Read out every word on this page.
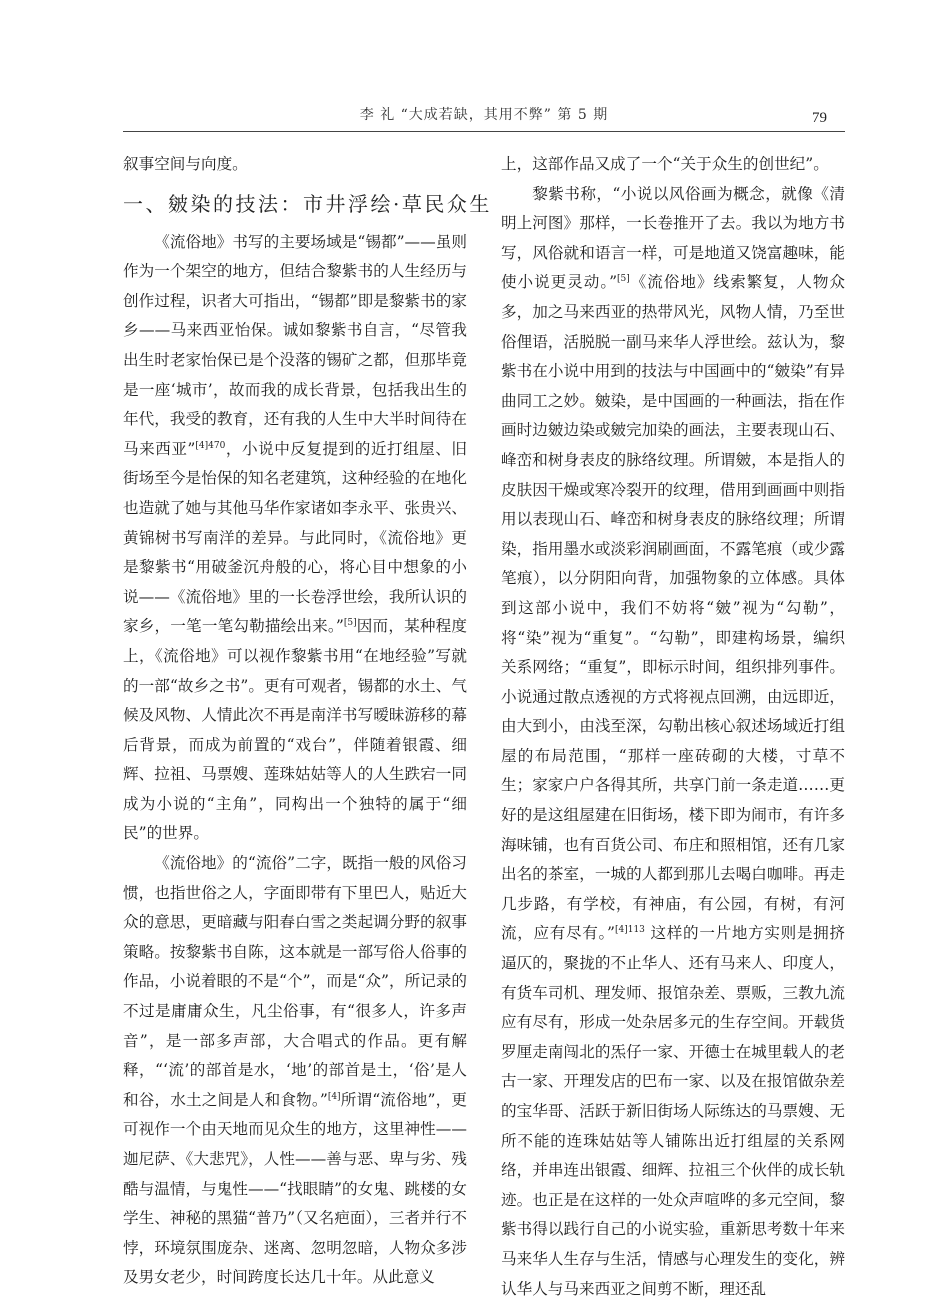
李 礼 “大成若缺，其用不弊” 第 5 期	79

叙事空间与向度。

一、皴染的技法：市井浮绘·草民众生

《流俗地》书写的主要场域是“锡都”——虽则作为一个架空的地方，但结合黎紫书的人生经历与创作过程，识者大可指出，“锡都”即是黎紫书的家乡——马来西亚怡保。诚如黎紫书自言，“尽管我出生时老家怡保已是个没落的锡矿之都，但那毕竟是一座‘城市’，故而我的成长背景，包括我出生的年代，我受的教育，还有我的人生中大半时间待在马来西亚”$^{[4]470}$，小说中反复提到的近打组屋、旧街场至今是怡保的知名老建筑，这种经验的在地化也造就了她与其他马华作家诸如李永平、张贵兴、黄锦树书写南洋的差异。与此同时，《流俗地》更是黎紫书“用破釜沉舟般的心，将心目中想象的小说——《流俗地》里的一长卷浮世绘，我所认识的家乡，一笔一笔勾勒描绘出来。”[5]因而，某种程度上，《流俗地》可以视作黎紫书用“在地经验”写就的一部“故乡之书”。更有可观者，锡都的水土、气候及风物、人情此次不再是南洋书写暧昧游移的幕后背景，而成为前置的“戏台”，伴随着银霞、细辉、拉祖、马票嫂、莲珠姑姑等人的人生跌宕一同成为小说的“主角”，同构出一个独特的属于“细民”的世界。

《流俗地》的“流俗”二字，既指一般的风俗习惯，也指世俗之人，字面即带有下里巴人，贴近大众的意思，更暗藏与阳春白雪之类起调分野的叙事策略。按黎紫书自陈，这本就是一部写俗人俗事的作品，小说着眼的不是“个”，而是“众”，所记录的不过是庸庸众生，凡尘俗事，有“很多人，许多声音”，是一部多声部，大合唱式的作品。更有解释，“‘流’的部首是水，‘地’的部首是土，‘俗’是人和谷，水土之间是人和食物。”[4]所谓“流俗地”，更可视作一个由天地而见众生的地方，这里神性——迦尼萨、《大悲咒》，人性——善与恶、卑与劣、残酷与温情，与鬼性——“找眼睛”的女鬼、跳楼的女学生、神秘的黑猫“普乃”（又名疤面），三者并行不悖，环境氛围庞杂、迷离、忽明忽暗，人物众多涉及男女老少，时间跨度长达几十年。从此意义

上，这部作品又成了一个“关于众生的创世纪”。

黎紫书称，“小说以风俗画为概念，就像《清明上河图》那样，一长卷推开了去。我以为地方书写，风俗就和语言一样，可是地道又饶富趣味，能使小说更灵动。”[5]《流俗地》线索繁复，人物众多，加之马来西亚的热带风光，风物人情，乃至世俗俚语，活脱脱一副马来华人浮世绘。兹认为，黎紫书在小说中用到的技法与中国画中的“皴染”有异曲同工之妙。皴染，是中国画的一种画法，指在作画时边皴边染或皴完加染的画法，主要表现山石、峰峦和树身表皮的脉络纹理。所谓皴，本是指人的皮肤因干燥或寒冷裂开的纹理，借用到画画中则指用以表现山石、峰峦和树身表皮的脉络纹理；所谓染，指用墨水或淡彩润刷画面，不露笔痕（或少露笔痕），以分阴阳向背，加强物象的立体感。具体到这部小说中，我们不妨将“皴”视为“勾勒”，将“染”视为“重复”。“勾勒”，即建构场景，编织关系网络；“重复”，即标示时间，组织排列事件。小说通过散点透视的方式将视点回溯，由远即近，由大到小，由浅至深，勾勒出核心叙述场域近打组屋的布局范围，“那样一座砖砌的大楼，寸草不生；家家户户各得其所，共享门前一条走道……更好的是这组屋建在旧街场，楼下即为闹市，有许多海味铺，也有百货公司、布庄和照相馆，还有几家出名的茶室，一城的人都到那儿去喝白咖啡。再走几步路，有学校，有神庙，有公园，有树，有河流，应有尽有。”$^{[4]113}$ 这样的一片地方实则是拥挤逼仄的，聚拢的不止华人、还有马来人、印度人，有货车司机、理发师、报馆杂差、票贩，三教九流应有尽有，形成一处杂居多元的生存空间。开载货罗厘走南闯北的炁仔一家、开德士在城里载人的老古一家、开理发店的巴布一家、以及在报馆做杂差的宝华哥、活跃于新旧街场人际练达的马票嫂、无所不能的连珠姑姑等人铺陈出近打组屋的关系网络，并串连出银霞、细辉、拉祖三个伙伴的成长轨迹。也正是在这样的一处众声喧哗的多元空间，黎紫书得以践行自己的小说实验，重新思考数十年来马来华人生存与生活，情感与心理发生的变化，辨认华人与马来西亚之间剪不断，理还乱
